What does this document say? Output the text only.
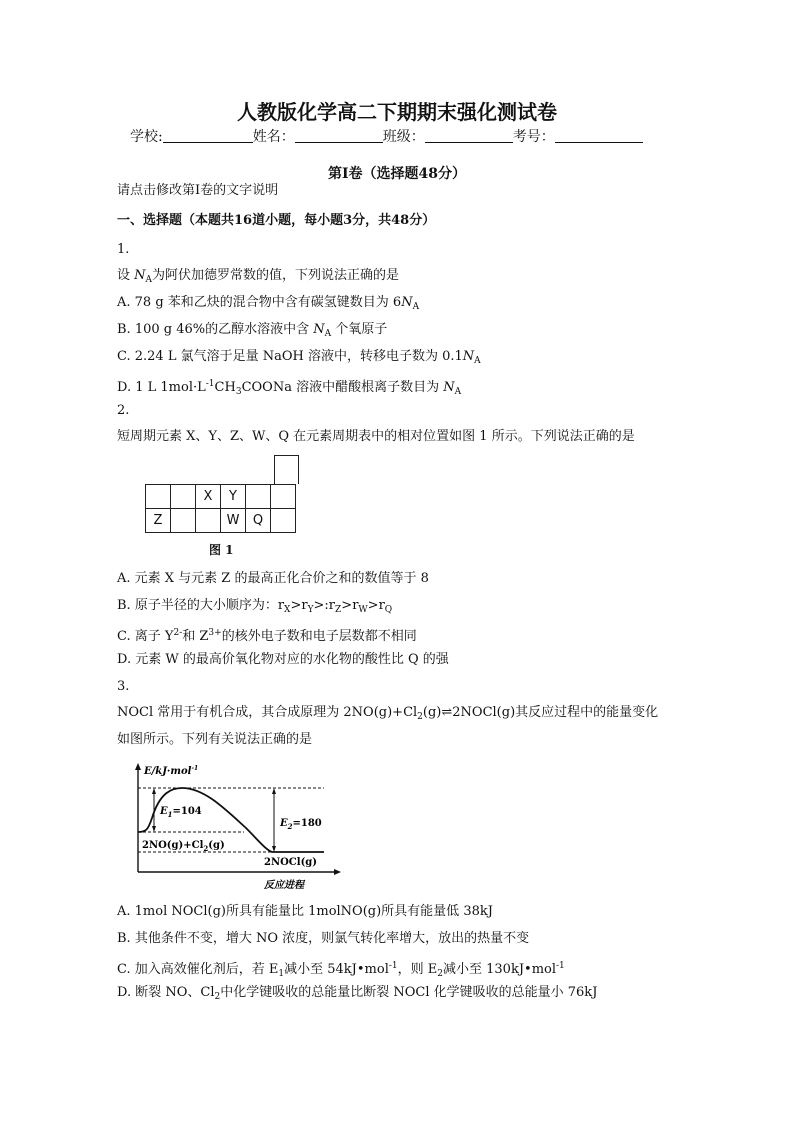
人教版化学高二下期期末强化测试卷
学校:	姓名：	班级：	考号：
第I卷（选择题48分）
请点击修改第I卷的文字说明
一、选择题（本题共16道小题，每小题3分，共48分）
1.
设 $N_A$为阿伏加德罗常数的值，下列说法正确的是
A. 78 g 苯和乙炔的混合物中含有碳氢键数目为 $6N_A$
B. 100 g 46%的乙醇水溶液中含 $N_A$ 个氧原子
C. 2.24 L 氯气溶于足量 NaOH 溶液中，转移电子数为 $0.1N_A$
D. 1 L $1mol\cdot L^{-1}CH_3COONa$ 溶液中醋酸根离子数目为 $N_A$
2.
短周期元素 X、Y、Z、W、Q 在元素周期表中的相对位置如图 1 所示。下列说法正确的是
		X	Y		
Z			W	Q	
图 1
A. 元素 X 与元素 Z 的最高正化合价之和的数值等于 8
B. 原子半径的大小顺序为：$r_X>r_Y>:r_Z>r_W>r_Q$
C. 离子 $Y^{2-}$和 $Z^{3+}$的核外电子数和电子层数都不相同
D. 元素 W 的最高价氧化物对应的水化物的酸性比 Q 的强
3.
NOCl 常用于有机合成，其合成原理为 $2NO(g)+Cl_2(g)\rightleftharpoons 2NOCl(g)$其反应过程中的能量变化
如图所示。下列有关说法正确的是
E/kJ·mol$^{-1}$
$E_1=104$
$E_2=180$
$2NO(g)+Cl_2(g)$
2NOCl(g)
反应进程
A. 1mol NOCl(g)所具有能量比 1molNO(g)所具有能量低 38kJ
B. 其他条件不变，增大 NO 浓度，则氯气转化率增大，放出的热量不变
C. 加入高效催化剂后，若 $E_1$减小至 54kJ•mol$^{-1}$，则 $E_2$减小至 130kJ•mol$^{-1}$
D. 断裂 NO、$Cl_2$中化学键吸收的总能量比断裂 NOCl 化学键吸收的总能量小 76kJ
